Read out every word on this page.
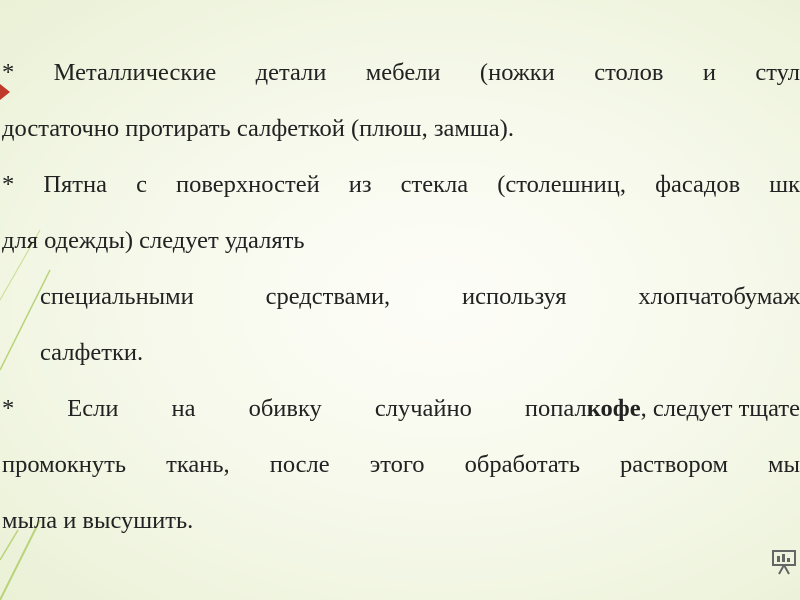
* Металлические детали мебели (ножки столов и стул
достаточно протирать салфеткой (плюш, замша).
* Пятна с поверхностей из стекла (столешниц, фасадов шк
для одежды) следует удалять
специальными средствами, используя хлопчатобумаж
салфетки.
* Если на обивку случайно попал кофе , следует тщате
промокнуть ткань, после этого обработать раствором мы
мыла и высушить.
